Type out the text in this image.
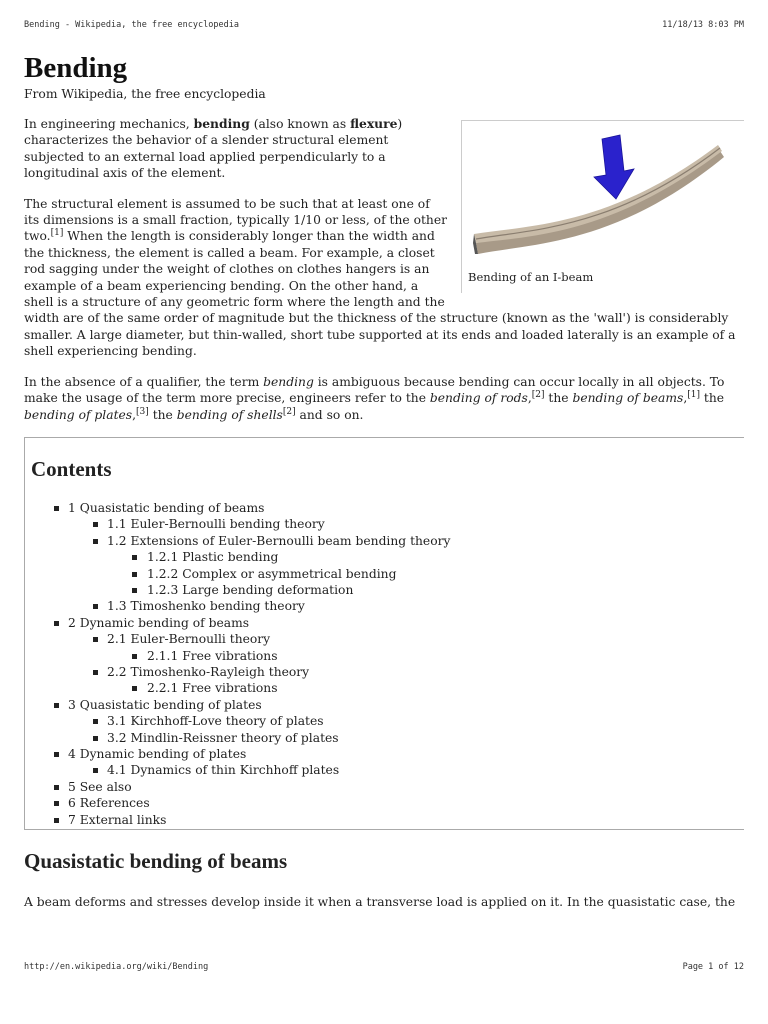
Bending - Wikipedia, the free encyclopedia	11/18/13 8:03 PM
Bending
From Wikipedia, the free encyclopedia
Bending of an Ⅰ-beam

In engineering mechanics, bending (also known as flexure) characterizes the behavior of a slender structural element subjected to an external load applied perpendicularly to a longitudinal axis of the element.

The structural element is assumed to be such that at least one of its dimensions is a small fraction, typically 1/10 or less, of the other two.[1] When the length is considerably longer than the width and the thickness, the element is called a beam. For example, a closet rod sagging under the weight of clothes on clothes hangers is an example of a beam experiencing bending. On the other hand, a shell is a structure of any geometric form where the length and the width are of the same order of magnitude but the thickness of the structure (known as the 'wall') is considerably smaller. A large diameter, but thin-walled, short tube supported at its ends and loaded laterally is an example of a shell experiencing bending.

In the absence of a qualifier, the term bending is ambiguous because bending can occur locally in all objects. To make the usage of the term more precise, engineers refer to the bending of rods,[2] the bending of beams,[1] the bending of plates,[3] the bending of shells[2] and so on.

Contents
1 Quasistatic bending of beams
1.1 Euler-Bernoulli bending theory
1.2 Extensions of Euler-Bernoulli beam bending theory
1.2.1 Plastic bending
1.2.2 Complex or asymmetrical bending
1.2.3 Large bending deformation
1.3 Timoshenko bending theory
2 Dynamic bending of beams
2.1 Euler-Bernoulli theory
2.1.1 Free vibrations
2.2 Timoshenko-Rayleigh theory
2.2.1 Free vibrations
3 Quasistatic bending of plates
3.1 Kirchhoff-Love theory of plates
3.2 Mindlin-Reissner theory of plates
4 Dynamic bending of plates
4.1 Dynamics of thin Kirchhoff plates
5 See also
6 References
7 External links
Quasistatic bending of beams

A beam deforms and stresses develop inside it when a transverse load is applied on it. In the quasistatic case, the

http://en.wikipedia.org/wiki/Bending	Page 1 of 12
